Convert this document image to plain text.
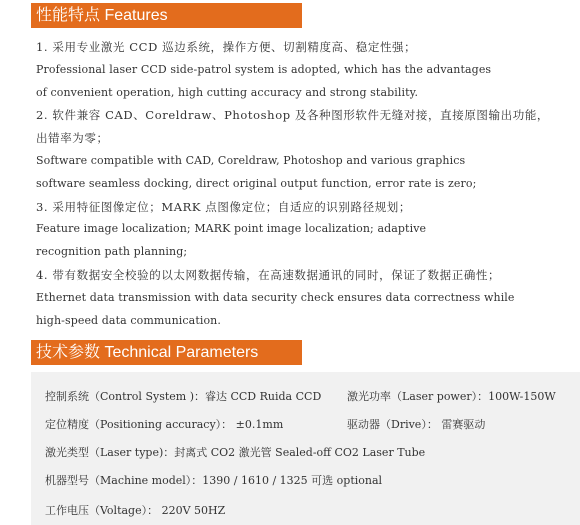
性能特点 Features
1. 采用专业激光 CCD 巡边系统，操作方便、切割精度高、稳定性强；
Professional laser CCD side-patrol system is adopted, which has the advantages
of convenient operation, high cutting accuracy and strong stability.
2. 软件兼容 CAD、Coreldraw、Photoshop 及各种图形软件无缝对接，直接原图输出功能，
出错率为零；
Software compatible with CAD, Coreldraw, Photoshop and various graphics
software seamless docking, direct original output function, error rate is zero;
3. 采用特征图像定位；MARK 点图像定位；自适应的识别路径规划；
Feature image localization; MARK point image localization; adaptive
recognition path planning;
4. 带有数据安全校验的以太网数据传输，在高速数据通讯的同时，保证了数据正确性；
Ethernet data transmission with data security check ensures data correctness while
high-speed data communication.
技术参数 Technical Parameters
控制系统（Control System )：睿达 CCD Ruida CCD 激光功率（Laser power）：100W-150W
定位精度（Positioning accuracy）： ±0.1mm	驱动器（Drive）： 雷赛驱动
激光类型（Laser type)：封离式 CO2 激光管 Sealed-off CO2 Laser Tube
机器型号（Machine model）：1390 / 1610 / 1325 可选 optional
工作电压（Voltage）： 220V 50HZ
